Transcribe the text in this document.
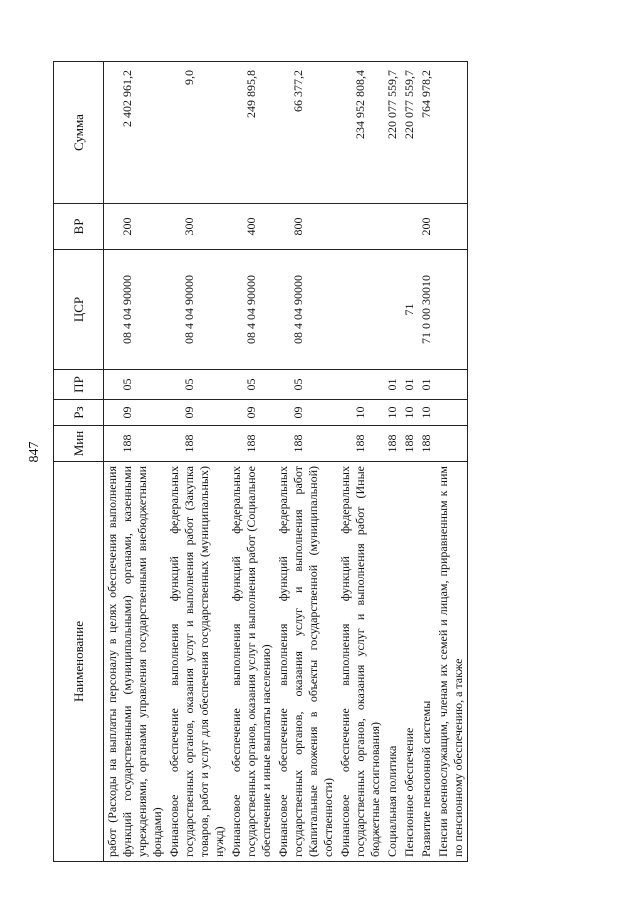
847
Наименование	Мин	Рз	ПР	ЦСР	ВР	Сумма
работ (Расходы на выплаты персоналу в целях обеспечения выполнения функций государственными (муниципальными) органами, казенными учреждениями, органами управления государственными внебюджетными фондами)	188	09	05	08 4 04 90000	200	2 402 961,2
Финансовое обеспечение выполнения функций федеральных государственных органов, оказания услуг и выполнения работ (Закупка товаров, работ и услуг для обеспечения государственных (муниципальных) нужд)	188	09	05	08 4 04 90000	300	9,0
Финансовое обеспечение выполнения функций федеральных государственных органов, оказания услуг и выполнения работ (Социальное обеспечение и иные выплаты населению)	188	09	05	08 4 04 90000	400	249 895,8
Финансовое обеспечение выполнения функций федеральных государственных органов, оказания услуг и выполнения работ (Капитальные вложения в объекты государственной (муниципальной) собственности)	188	09	05	08 4 04 90000	800	66 377,2
Финансовое обеспечение выполнения функций федеральных государственных органов, оказания услуг и выполнения работ (Иные бюджетные ассигнования)	188	10				234 952 808,4
Социальная политика	188	10	01			220 077 559,7
Пенсионное обеспечение	188	10	01	71		220 077 559,7
Развитие пенсионной системы	188	10	01	71 0 00 30010	200	764 978,2
Пенсии военнослужащим, членам их семей и лицам, приравненным к ним по пенсионному обеспечению, а также						
